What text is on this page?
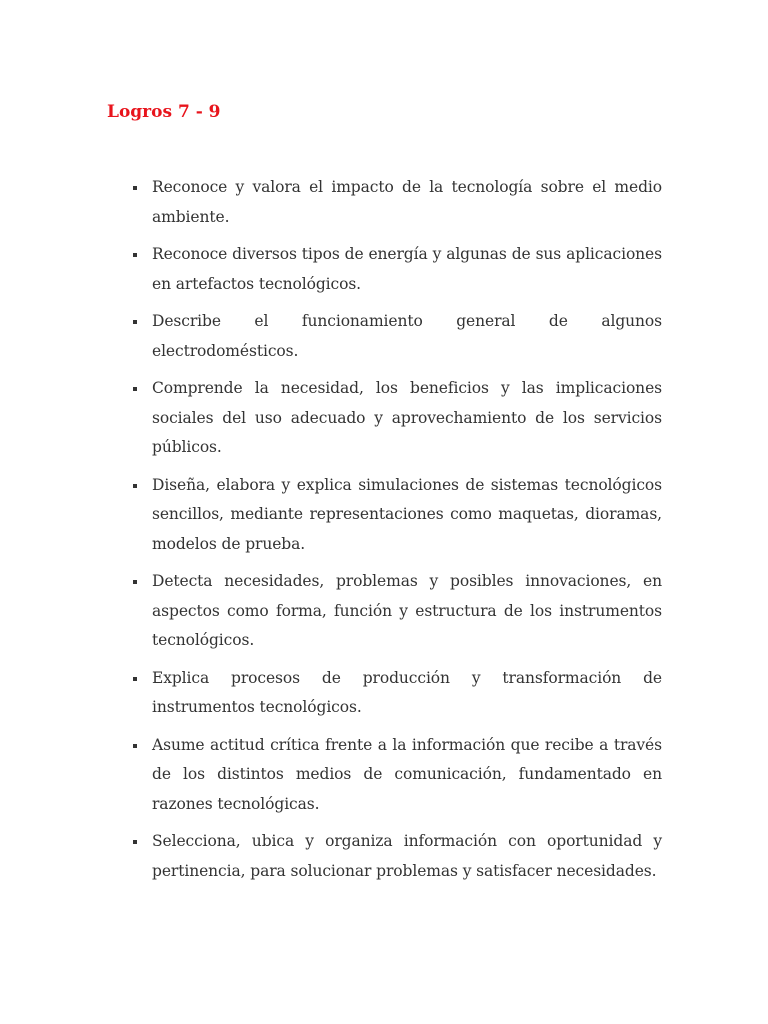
Logros 7 - 9
Reconoce y valora el impacto de la tecnología sobre el medio ambiente.
Reconoce diversos tipos de energía y algunas de sus aplicaciones en artefactos tecnológicos.
Describe el funcionamiento general de algunos electrodomésticos.
Comprende la necesidad, los beneficios y las implicaciones sociales del uso adecuado y aprovechamiento de los servicios públicos.
Diseña, elabora y explica simulaciones de sistemas tecnológicos sencillos, mediante representaciones como maquetas, dioramas, modelos de prueba.
Detecta necesidades, problemas y posibles innovaciones, en aspectos como forma, función y estructura de los instrumentos tecnológicos.
Explica procesos de producción y transformación de instrumentos tecnológicos.
Asume actitud crítica frente a la información que recibe a través de los distintos medios de comunicación, fundamentado en razones tecnológicas.
Selecciona, ubica y organiza información con oportunidad y pertinencia, para solucionar problemas y satisfacer necesidades.
